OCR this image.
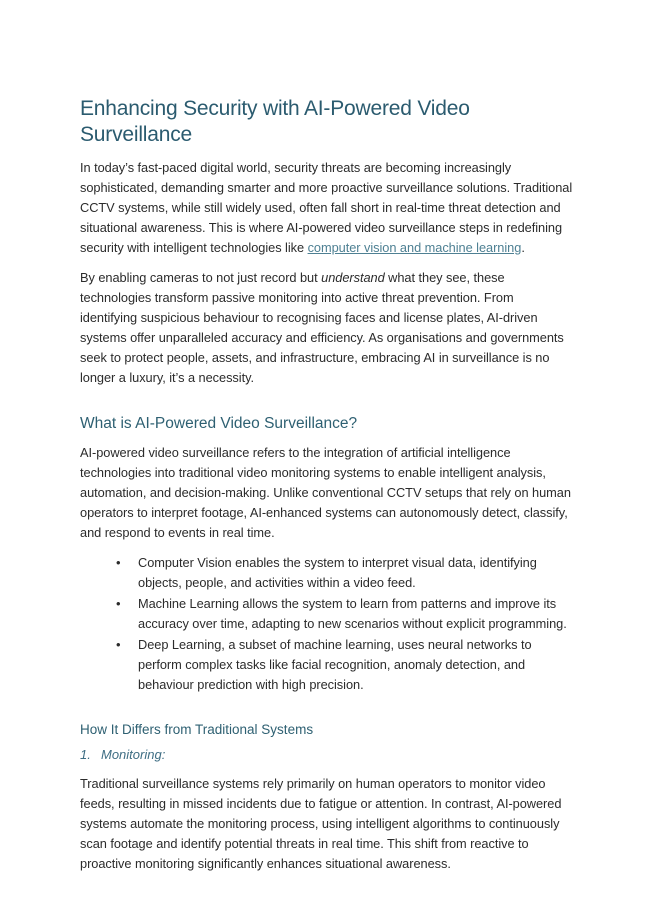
Enhancing Security with AI-Powered Video Surveillance

In today’s fast-paced digital world, security threats are becoming increasingly sophisticated, demanding smarter and more proactive surveillance solutions. Traditional CCTV systems, while still widely used, often fall short in real-time threat detection and situational awareness. This is where AI-powered video surveillance steps in redefining security with intelligent technologies like computer vision and machine learning.

By enabling cameras to not just record but understand what they see, these technologies transform passive monitoring into active threat prevention. From identifying suspicious behaviour to recognising faces and license plates, AI-driven systems offer unparalleled accuracy and efficiency. As organisations and governments seek to protect people, assets, and infrastructure, embracing AI in surveillance is no longer a luxury, it’s a necessity.

What is AI-Powered Video Surveillance?

AI-powered video surveillance refers to the integration of artificial intelligence technologies into traditional video monitoring systems to enable intelligent analysis, automation, and decision-making. Unlike conventional CCTV setups that rely on human operators to interpret footage, AI-enhanced systems can autonomously detect, classify, and respond to events in real time.

• Computer Vision enables the system to interpret visual data, identifying objects, people, and activities within a video feed.
• Machine Learning allows the system to learn from patterns and improve its accuracy over time, adapting to new scenarios without explicit programming.
• Deep Learning, a subset of machine learning, uses neural networks to perform complex tasks like facial recognition, anomaly detection, and behaviour prediction with high precision.
How It Differs from Traditional Systems

1. Monitoring:

Traditional surveillance systems rely primarily on human operators to monitor video feeds, resulting in missed incidents due to fatigue or attention. In contrast, AI-powered systems automate the monitoring process, using intelligent algorithms to continuously scan footage and identify potential threats in real time. This shift from reactive to proactive monitoring significantly enhances situational awareness.
